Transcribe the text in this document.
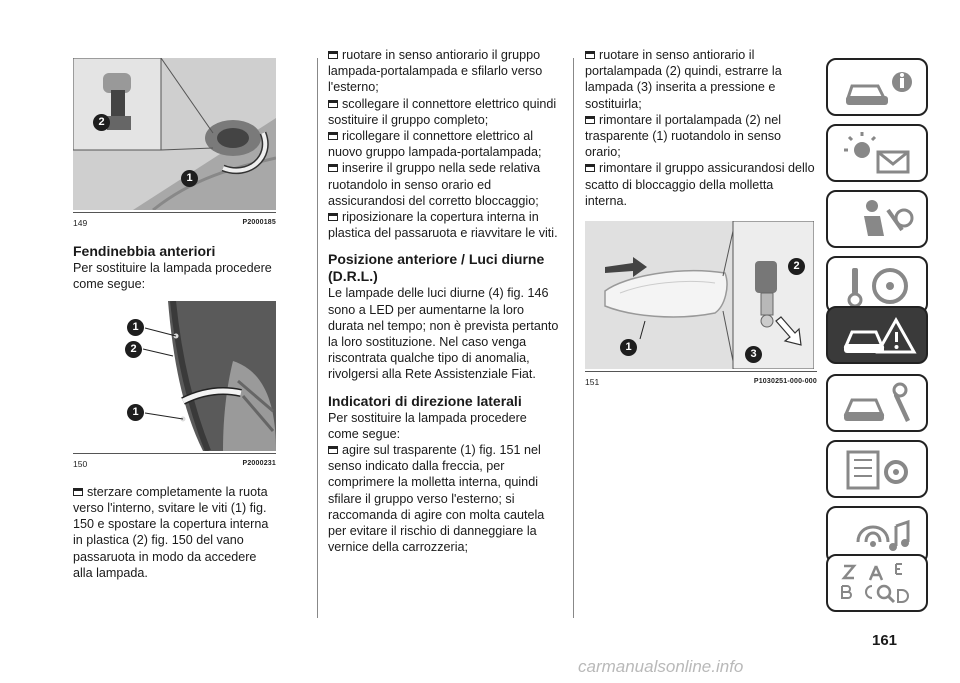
2
1
149	P2000185
Fendinebbia anteriori

Per sostituire la lampada procedere come segue:

1
2
1
150	P2000231

sterzare completamente la ruota verso l'interno, svitare le viti (1) fig. 150 e spostare la copertura interna in plastica (2) fig. 150 del vano passaruota in modo da accedere alla lampada.

ruotare in senso antiorario il gruppo lampada-portalampada e sfilarlo verso l'esterno;

scollegare il connettore elettrico quindi sostituire il gruppo completo;

ricollegare il connettore elettrico al nuovo gruppo lampada-portalampada;

inserire il gruppo nella sede relativa ruotandolo in senso orario ed assicurandosi del corretto bloccaggio;

riposizionare la copertura interna in plastica del passaruota e riavvitare le viti.

Posizione anteriore / Luci diurne (D.R.L.)

Le lampade delle luci diurne (4) fig. 146 sono a LED per aumentarne la loro durata nel tempo; non è prevista pertanto la loro sostituzione. Nel caso venga riscontrata qualche tipo di anomalia, rivolgersi alla Rete Assistenziale Fiat.

Indicatori di direzione laterali

Per sostituire la lampada procedere come segue:

agire sul trasparente (1) fig. 151 nel senso indicato dalla freccia, per comprimere la molletta interna, quindi sfilare il gruppo verso l'esterno; si raccomanda di agire con molta cautela per evitare il rischio di danneggiare la vernice della carrozzeria;

ruotare in senso antiorario il portalampada (2) quindi, estrarre la lampada (3) inserita a pressione e sostituirla;

rimontare il portalampada (2) nel trasparente (1) ruotandolo in senso orario;

rimontare il gruppo assicurandosi dello scatto di bloccaggio della molletta interna.

2
1
3
151	P1030251-000-000
161
carmanualsonline.info
